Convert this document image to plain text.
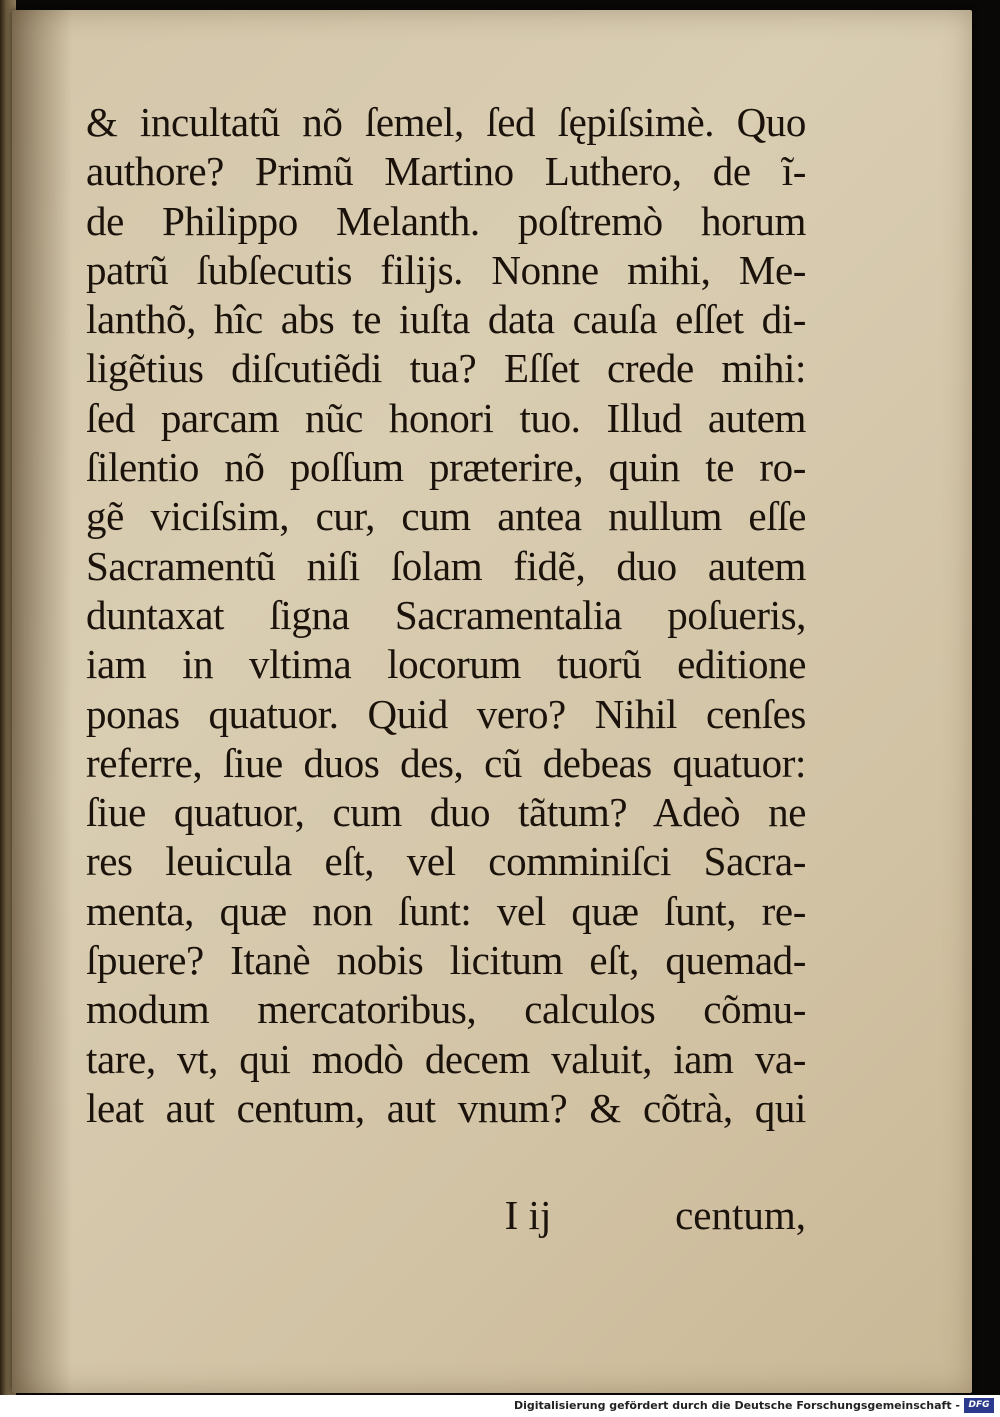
& incultatũ nõ ſemel, ſed ſępiſsimè. Quo
authore? Primũ Martino Luthero, de ĩ-
de Philippo Melanth. poſtremò horum
patrũ ſubſecutis filijs. Nonne mihi, Me-
lanthõ, hîc abs te iuſta data cauſa eſſet di-
ligẽtius diſcutiẽdi tua? Eſſet crede mihi:
ſed parcam nũc honori tuo. Illud autem
ſilentio nõ poſſum prӕterire, quin te ro-
gẽ viciſsim, cur, cum antea nullum eſſe
Sacramentũ niſi ſolam fidẽ, duo autem
duntaxat ſigna Sacramentalia poſueris,
iam in vltima locorum tuorũ editione
ponas quatuor. Quid vero? Nihil cenſes
referre, ſiue duos des, cũ debeas quatuor:
ſiue quatuor, cum duo tãtum? Adeò ne
res leuicula eſt, vel comminiſci Sacra-
menta, quӕ non ſunt: vel quӕ ſunt, re-
ſpuere? Itanè nobis licitum eſt, quemad-
modum mercatoribus, calculos cõmu-
tare, vt, qui modò decem valuit, iam va-
leat aut centum, aut vnum? & cõtrà, qui
I ij	centum,
Digitalisierung gefördert durch die Deutsche Forschungsgemeinschaft - DFG
